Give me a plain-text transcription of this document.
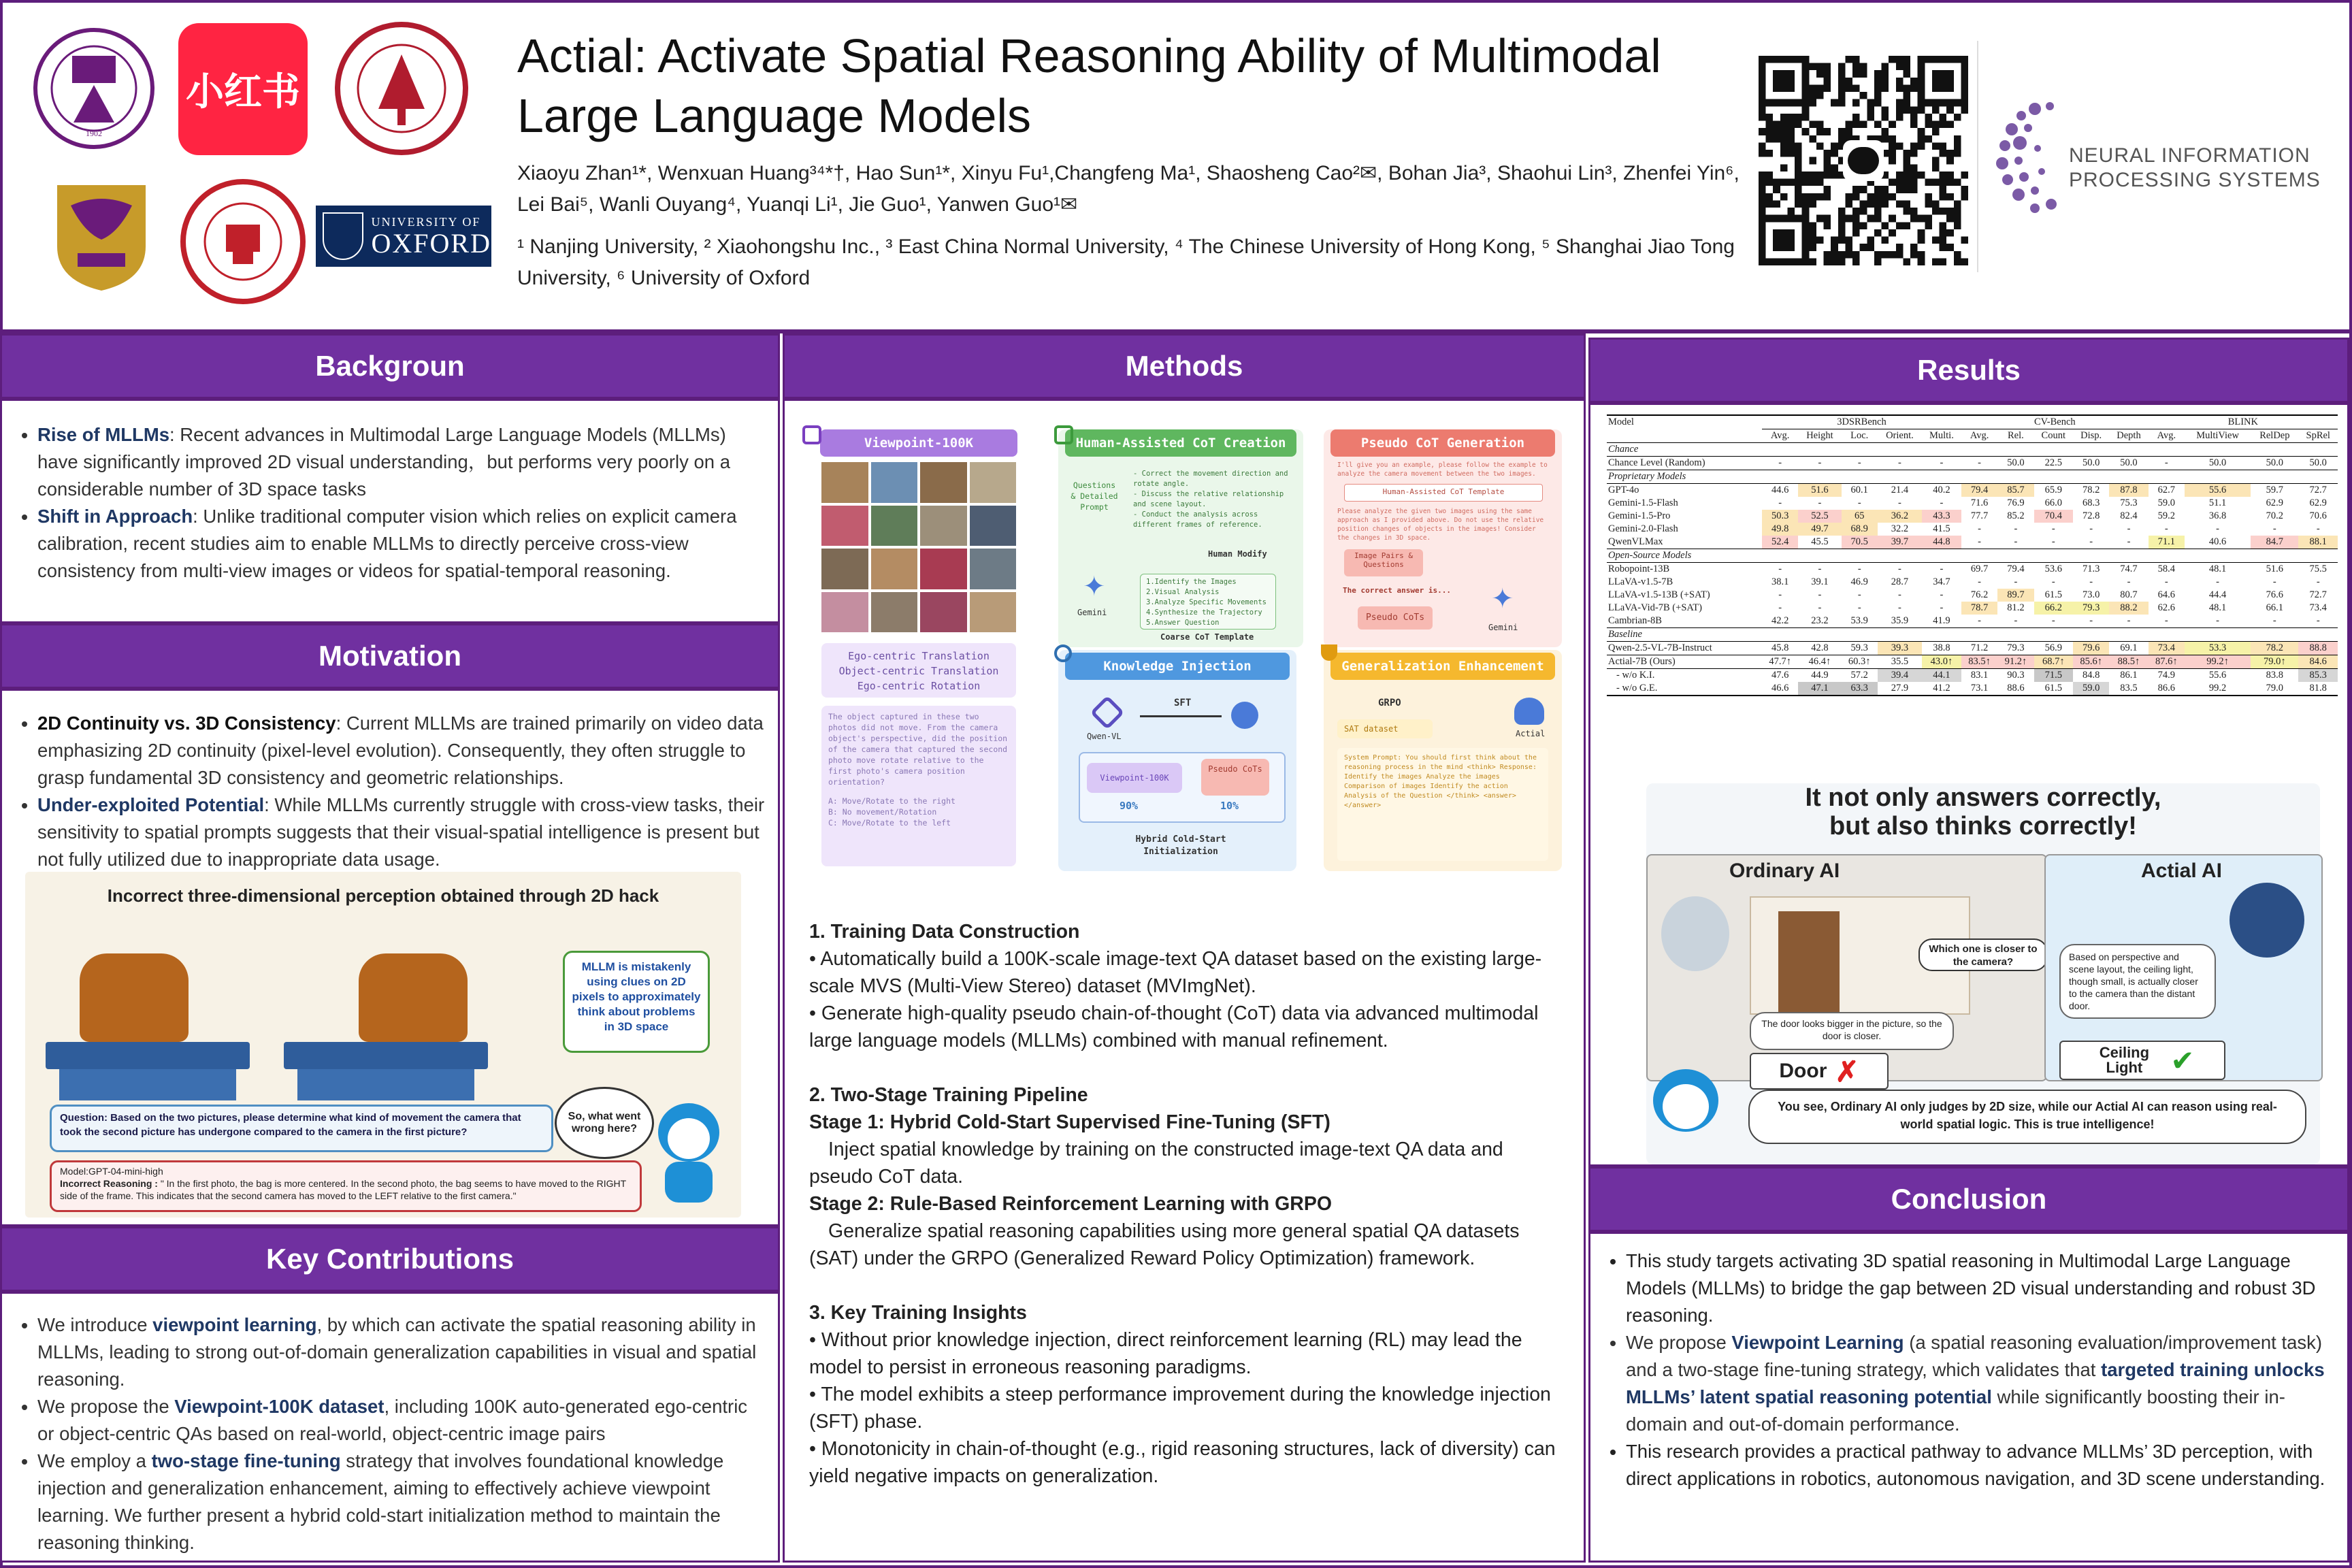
1902
小红书
UNIVERSITY OF
OXFORD
Actial: Activate Spatial Reasoning Ability of Multimodal Large Language Models
Xiaoyu Zhan¹*, Wenxuan Huang³⁴*†, Hao Sun¹*, Xinyu Fu¹,Changfeng Ma¹, Shaosheng Cao²✉, Bohan Jia³, Shaohui Lin³, Zhenfei Yin⁶, Lei Bai⁵, Wanli Ouyang⁴, Yuanqi Li¹, Jie Guo¹, Yanwen Guo¹✉
¹ Nanjing University, ² Xiaohongshu Inc., ³ East China Normal University, ⁴ The Chinese University of Hong Kong, ⁵ Shanghai Jiao Tong University, ⁶ University of Oxford
NEURAL INFORMATION
PROCESSING SYSTEMS
Backgroun
• Rise of MLLMs: Recent advances in Multimodal Large Language Models (MLLMs) have significantly improved 2D visual understanding，but performs very poorly on a considerable number of 3D space tasks
• Shift in Approach: Unlike traditional computer vision which relies on explicit camera calibration, recent studies aim to enable MLLMs to directly perceive cross-view consistency from multi-view images or videos for spatial-temporal reasoning.
Motivation
• 2D Continuity vs. 3D Consistency: Current MLLMs are trained primarily on video data emphasizing 2D continuity (pixel-level evolution). Consequently, they often struggle to grasp fundamental 3D consistency and geometric relationships.
• Under-exploited Potential: While MLLMs currently struggle with cross-view tasks, their sensitivity to spatial prompts suggests that their visual-spatial intelligence is present but not fully utilized due to inappropriate data usage.
Incorrect three-dimensional perception obtained through 2D hack
MLLM is mistakenly using clues on 2D pixels to approximately think about problems in 3D space
Question: Based on the two pictures, please determine what kind of movement the camera that took the second picture has undergone compared to the camera in the first picture?
So, what went wrong here?
Model:GPT-04-mini-high
Incorrect Reasoning : " In the first photo, the bag is more centered. In the second photo, the bag seems to have moved to the RIGHT side of the frame. This indicates that the second camera has moved to the LEFT relative to the first camera."
Key Contributions
• We introduce viewpoint learning, by which can activate the spatial reasoning ability in MLLMs, leading to strong out-of-domain generalization capabilities in visual and spatial reasoning.
• We propose the Viewpoint-100K dataset, including 100K auto-generated ego-centric or object-centric QAs based on real-world, object-centric image pairs
• We employ a two-stage fine-tuning strategy that involves foundational knowledge injection and generalization enhancement, aiming to effectively achieve viewpoint learning. We further present a hybrid cold-start initialization method to maintain the reasoning thinking.
Methods
Viewpoint-100K
Ego-centric Translation
Object-centric Translation
Ego-centric Rotation
The object captured in these two photos did not move. From the camera object's perspective, did the position of the camera that captured the second photo move rotate relative to the first photo's camera position orientation?
A: Move/Rotate to the right
B: No movement/Rotation
C: Move/Rotate to the left
Human-Assisted CoT Creation
Questions & Detailed Prompt
- Correct the movement direction and rotate angle.
- Discuss the relative relationship and scene layout.
- Conduct the analysis across different frames of reference.
Human Modify
✦
Gemini
1.Identify the Images
2.Visual Analysis
3.Analyze Specific Movements
4.Synthesize the Trajectory
5.Answer Question
Coarse CoT Template
Pseudo CoT Generation
I'll give you an example, please follow the example to analyze the camera movement between the two images.
Human-Assisted CoT Template
Please analyze the given two images using the same approach as I provided above. Do not use the relative position changes of objects in the images! Consider the changes in 3D space.
Image Pairs & Questions
The correct answer is...
Pseudo CoTs
✦
Gemini
Knowledge Injection
Qwen-VL
SFT
Viewpoint-100K
90%
Pseudo CoTs
10%
Hybrid Cold-Start Initialization
Generalization Enhancement
GRPO
SAT dataset	Actial
System Prompt: You should first think about the reasoning process in the mind <think> Response: Identify the images Analyze the images Comparison of images Identify the action Analysis of the Question </think> <answer> </answer>

1. Training Data Construction

• Automatically build a 100K-scale image-text QA dataset based on the existing large-scale MVS (Multi-View Stereo) dataset (MVImgNet).

• Generate high-quality pseudo chain-of-thought (CoT) data via advanced multimodal large language models (MLLMs) combined with manual refinement.

2. Two-Stage Training Pipeline

Stage 1: Hybrid Cold-Start Supervised Fine-Tuning (SFT)

Inject spatial knowledge by training on the constructed image-text QA data and pseudo CoT data.

Stage 2: Rule-Based Reinforcement Learning with GRPO

Generalize spatial reasoning capabilities using more general spatial QA datasets (SAT) under the GRPO (Generalized Reward Policy Optimization) framework.

3. Key Training Insights

• Without prior knowledge injection, direct reinforcement learning (RL) may lead the model to persist in erroneous reasoning paradigms.

• The model exhibits a steep performance improvement during the knowledge injection (SFT) phase.

• Monotonicity in chain-of-thought (e.g., rigid reasoning structures, lack of diversity) can yield negative impacts on generalization.

Results
Model	3DSRBench					CV-Bench					BLINK			
	Avg.	Height	Loc.	Orient.	Multi.	Avg.	Rel.	Count	Disp.	Depth	Avg.	MultiView	RelDep	SpRel
Chance														
Chance Level (Random)	-	-	-	-	-	-	50.0	22.5	50.0	50.0	-	50.0	50.0	50.0
Proprietary Models														
GPT-4o	44.6	51.6	60.1	21.4	40.2	79.4	85.7	65.9	78.2	87.8	62.7	55.6	59.7	72.7
Gemini-1.5-Flash	-	-	-	-	-	71.6	76.9	66.0	68.3	75.3	59.0	51.1	62.9	62.9
Gemini-1.5-Pro	50.3	52.5	65	36.2	43.3	77.7	85.2	70.4	72.8	82.4	59.2	36.8	70.2	70.6
Gemini-2.0-Flash	49.8	49.7	68.9	32.2	41.5	-	-	-	-	-	-	-	-	-
QwenVLMax	52.4	45.5	70.5	39.7	44.8	-	-	-	-	-	71.1	40.6	84.7	88.1
Open-Source Models														
Robopoint-13B	-	-	-	-	-	69.7	79.4	53.6	71.3	74.7	58.4	48.1	51.6	75.5
LLaVA-v1.5-7B	38.1	39.1	46.9	28.7	34.7	-	-	-	-	-	-	-	-	-
LLaVA-v1.5-13B (+SAT)	-	-	-	-	-	76.2	89.7	61.5	73.0	80.7	64.6	44.4	76.6	72.7
LLaVA-Vid-7B (+SAT)	-	-	-	-	-	78.7	81.2	66.2	79.3	88.2	62.6	48.1	66.1	73.4
Cambrian-8B	42.2	23.2	53.9	35.9	41.9	-	-	-	-	-	-	-	-	-
Baseline														
Qwen-2.5-VL-7B-Instruct	45.8	42.8	59.3	39.3	38.8	71.2	79.3	56.9	79.6	69.1	73.4	53.3	78.2	88.8
Actial-7B (Ours)	47.7↑	46.4↑	60.3↑	35.5	43.0↑	83.5↑	91.2↑	68.7↑	85.6↑	88.5↑	87.6↑	99.2↑	79.0↑	84.6
- w/o K.I.	47.6	44.9	57.2	39.4	44.1	83.1	90.3	71.5	84.8	86.1	74.9	55.6	83.8	85.3
- w/o G.E.	46.6	47.1	63.3	27.9	41.2	73.1	88.6	61.5	59.0	83.5	86.6	99.2	79.0	81.8
It not only answers correctly,
but also thinks correctly!
Ordinary AI
The door looks bigger in the picture, so the door is closer.
Door ✗
Which one is closer to the camera?
Actial AI
Based on perspective and scene layout, the ceiling light, though small, is actually closer to the camera than the distant door.
Ceiling Light ✔
You see, Ordinary AI only judges by 2D size, while our Actial AI can reason using real-world spatial logic. This is true intelligence!
Conclusion
• This study targets activating 3D spatial reasoning in Multimodal Large Language Models (MLLMs) to bridge the gap between 2D visual understanding and robust 3D reasoning.
• We propose Viewpoint Learning (a spatial reasoning evaluation/improvement task) and a two-stage fine-tuning strategy, which validates that targeted training unlocks MLLMs’ latent spatial reasoning potential while significantly boosting their in-domain and out-of-domain performance.
• This research provides a practical pathway to advance MLLMs’ 3D perception, with direct applications in robotics, autonomous navigation, and 3D scene understanding.
